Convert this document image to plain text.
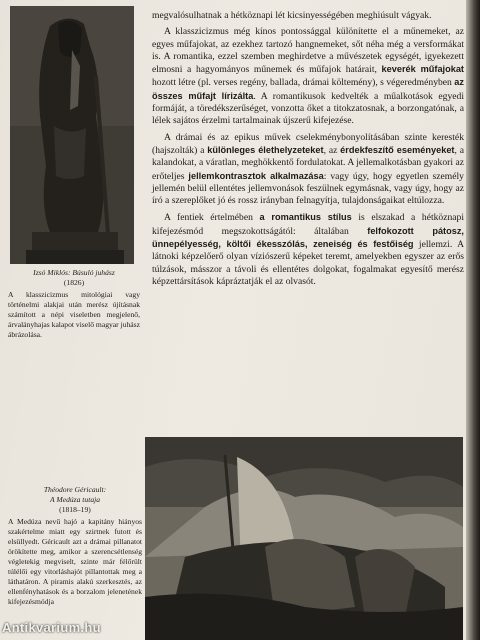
Izsó Miklós: Búsuló juhász
(1826)
A klasszicizmus mitológiai vagy történelmi alakjai után merész újításnak számított a népi viseletben megjelenő, árvalányhajas kalapot viselő magyar juhász ábrázolása.

megvalósulhatnak a hétköznapi lét kicsinyességében meghiúsult vágyak.

A klasszicizmus még kínos pontossággal különítette el a műnemeket, az egyes műfajokat, az ezekhez tartozó hangnemeket, sőt néha még a versformákat is. A romantika, ezzel szemben meghirdetve a művészetek egységét, igyekezett elmosni a hagyományos műnemek és műfajok határait, keverék műfajokat hozott létre (pl. verses regény, ballada, drámai költemény), s végeredményben az összes műfajt lírizálta. A romantikusok kedvelték a műalkotások egyedi formáját, a töredékszerűséget, vonzotta őket a titokzatosnak, a borzongatónak, a lélek sajátos érzelmi tartalmainak újszerű kifejezése.

A drámai és az epikus művek cselekménybonyolításában szinte keresték (hajszolták) a különleges élethelyzeteket, az érdekfeszítő eseményeket, a kalandokat, a váratlan, meghökkentő fordulatokat. A jellemalkotásban gyakori az erőteljes jellemkontrasztok alkalmazása: vagy úgy, hogy egyetlen személy jellemén belül ellentétes jellemvonások feszülnek egymásnak, vagy úgy, hogy az író a szereplőket jó és rossz irányban felnagyítja, tulajdonságaikat eltúlozza.

A fentiek értelmében a romantikus stílus is elszakad a hétköznapi kifejezésmód megszokottságától: általában felfokozott pátosz, ünnepélyesség, költői ékesszólás, zeneiség és festőiség jellemzi. A látnoki képzelőerő olyan víziószerű képeket teremt, amelyekben egyszer az erős túlzások, másszor a távoli és ellentétes dolgokat, fogalmakat egyesítő merész képzettársítások kápráztatják el az olvasót.

Théodore Géricault:
A Medúza tutaja
(1818–19)
A Medúza nevű hajó a kapitány hiányos szakértelme miatt egy szirtnek futott és elsüllyedt. Géricault azt a drámai pillanatot örökítette meg, amikor a szerencsétlenség végletekig megviselt, szinte már félőrült túlélői egy vitorláshajót pillantottak meg a láthatáron. A piramis alakú szerkesztés, az ellenfényhatások és a borzalom jelenetének kifejezésmódja
Antikvarium.hu
